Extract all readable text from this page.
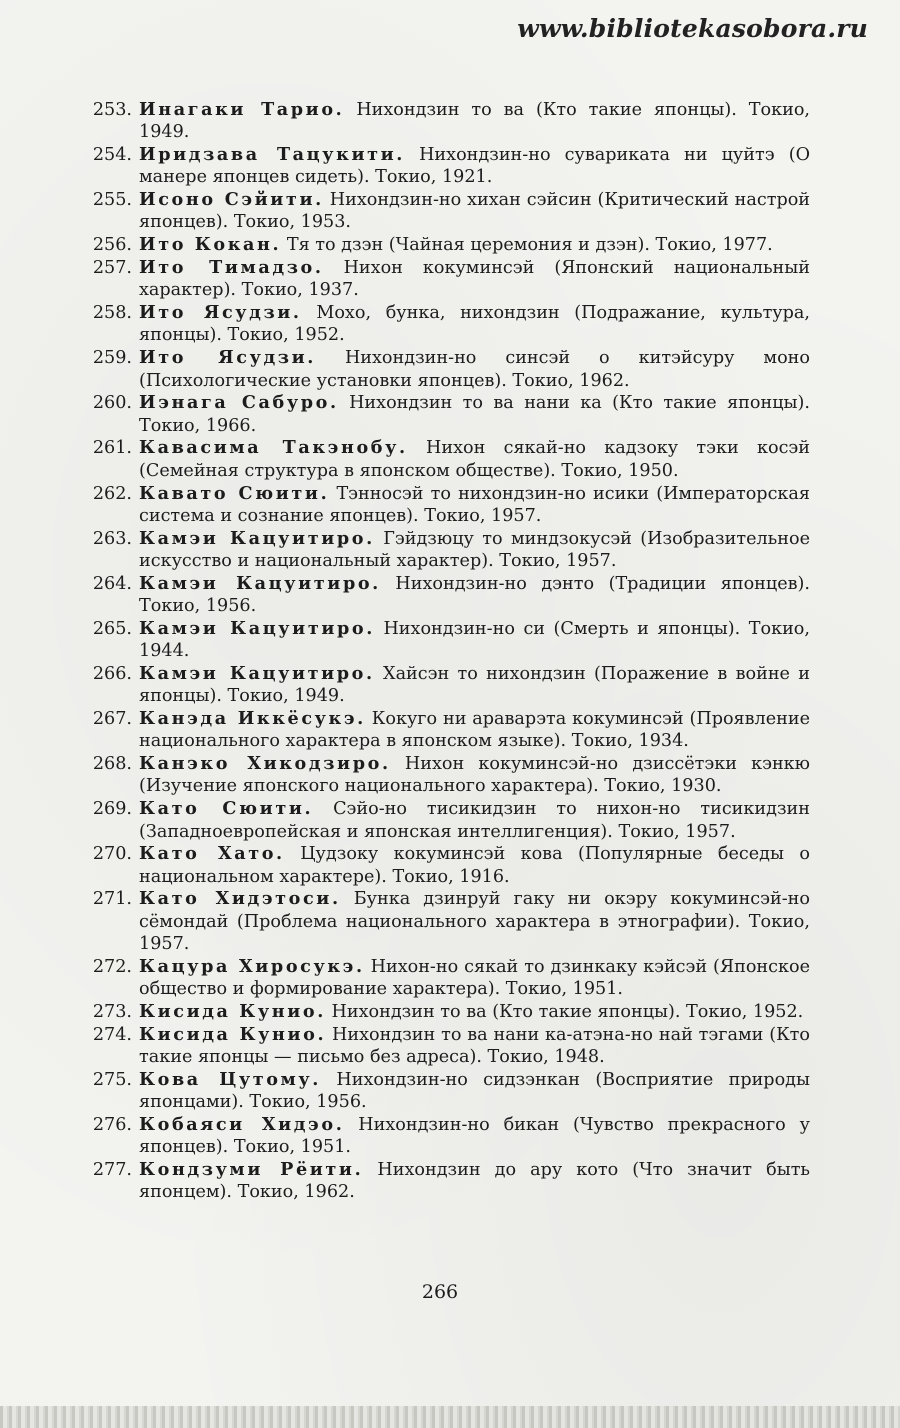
www.bibliotekasobora.ru
253. Инагаки Тарио. Нихондзин то ва (Кто такие японцы). Токио, 1949.
254. Иридзава Тацукити. Нихондзин-но сувариката ни цуйтэ (О манере японцев сидеть). Токио, 1921.
255. Исоно Сэйити. Нихондзин-но хихан сэйсин (Критический настрой японцев). Токио, 1953.
256. Ито Кокан. Тя то дзэн (Чайная церемония и дзэн). Токио, 1977.
257. Ито Тимадзо. Нихон кокуминсэй (Японский национальный характер). Токио, 1937.
258. Ито Ясудзи. Мохо, бунка, нихондзин (Подражание, культура, японцы). Токио, 1952.
259. Ито Ясудзи. Нихондзин-но синсэй о китэйсуру моно (Психологические установки японцев). Токио, 1962.
260. Иэнага Сабуро. Нихондзин то ва нани ка (Кто такие японцы). Токио, 1966.
261. Кавасима Такэнобу. Нихон сякай-но кадзоку тэки косэй (Семейная структура в японском обществе). Токио, 1950.
262. Кавато Сюити. Тэнносэй то нихондзин-но исики (Императорская система и сознание японцев). Токио, 1957.
263. Камэи Кацуитиро. Гэйдзюцу то миндзокусэй (Изобразительное искусство и национальный характер). Токио, 1957.
264. Камэи Кацуитиро. Нихондзин-но дэнто (Традиции японцев). Токио, 1956.
265. Камэи Кацуитиро. Нихондзин-но си (Смерть и японцы). Токио, 1944.
266. Камэи Кацуитиро. Хайсэн то нихондзин (Поражение в войне и японцы). Токио, 1949.
267. Канэда Иккёсукэ. Кокуго ни араварэта кокуминсэй (Проявление национального характера в японском языке). Токио, 1934.
268. Канэко Хикодзиро. Нихон кокуминсэй-но дзиссётэки кэнкю (Изучение японского национального характера). Токио, 1930.
269. Като Сюити. Сэйо-но тисикидзин то нихон-но тисикидзин (Западноевропейская и японская интеллигенция). Токио, 1957.
270. Като Хато. Цудзоку кокуминсэй кова (Популярные беседы о национальном характере). Токио, 1916.
271. Като Хидэтоси. Бунка дзинруй гаку ни окэру кокуминсэй-но сёмондай (Проблема национального характера в этнографии). Токио, 1957.
272. Кацура Хиросукэ. Нихон-но сякай то дзинкаку кэйсэй (Японское общество и формирование характера). Токио, 1951.
273. Кисида Кунио. Нихондзин то ва (Кто такие японцы). Токио, 1952.
274. Кисида Кунио. Нихондзин то ва нани ка-атэна-но най тэгами (Кто такие японцы — письмо без адреса). Токио, 1948.
275. Кова Цутому. Нихондзин-но сидзэнкан (Восприятие природы японцами). Токио, 1956.
276. Кобаяси Хидэо. Нихондзин-но бикан (Чувство прекрасного у японцев). Токио, 1951.
277. Кондзуми Рёити. Нихондзин до ару кото (Что значит быть японцем). Токио, 1962.
266
